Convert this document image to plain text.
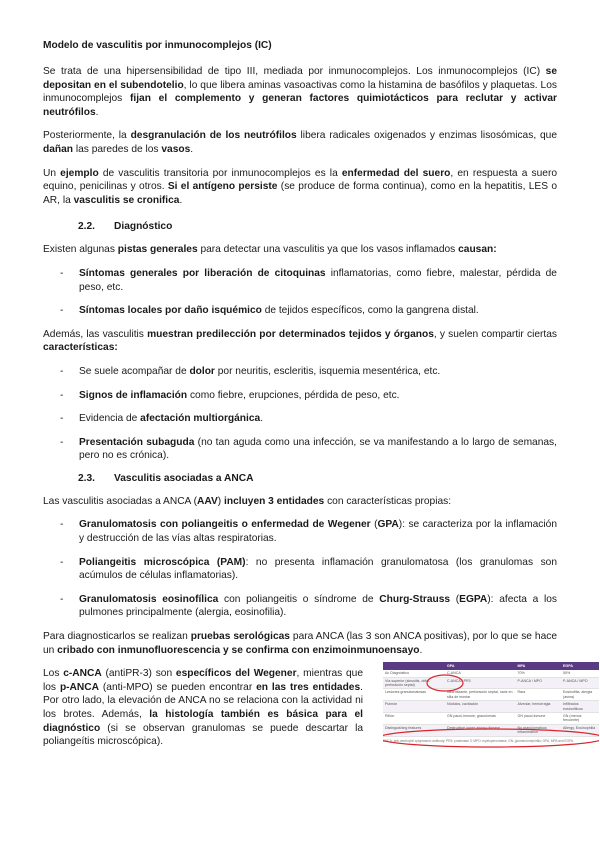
Modelo de vasculitis por inmunocomplejos (IC)

Se trata de una hipersensibilidad de tipo III, mediada por inmunocomplejos. Los inmunocomplejos (IC) se depositan en el subendotelio, lo que libera aminas vasoactivas como la histamina de basófilos y plaquetas. Los inmunocomplejos fijan el complemento y generan factores quimiotácticos para reclutar y activar neutrófilos.

Posteriormente, la desgranulación de los neutrófilos libera radicales oxigenados y enzimas lisosómicas, que dañan las paredes de los vasos.

Un ejemplo de vasculitis transitoria por inmunocomplejos es la enfermedad del suero, en respuesta a suero equino, penicilinas y otros. Si el antígeno persiste (se produce de forma continua), como en la hepatitis, LES o AR, la vasculitis se cronifica.

2.2. Diagnóstico

Existen algunas pistas generales para detectar una vasculitis ya que los vasos inflamados causan:

- Síntomas generales por liberación de citoquinas inflamatorias, como fiebre, malestar, pérdida de peso, etc.
- Síntomas locales por daño isquémico de tejidos específicos, como la gangrena distal.

Además, las vasculitis muestran predilección por determinados tejidos y órganos, y suelen compartir ciertas características:

- Se suele acompañar de dolor por neuritis, escleritis, isquemia mesentérica, etc.
- Signos de inflamación como fiebre, erupciones, pérdida de peso, etc.
- Evidencia de afectación multiorgánica.
- Presentación subaguda (no tan aguda como una infección, se va manifestando a lo largo de semanas, pero no es crónica).
2.3. Vasculitis asociadas a ANCA

Las vasculitis asociadas a ANCA (AAV) incluyen 3 entidades con características propias:

- Granulomatosis con poliangeitis o enfermedad de Wegener (GPA): se caracteriza por la inflamación y destrucción de las vías altas respiratorias.
- Poliangeitis microscópica (PAM): no presenta inflamación granulomatosa (los granulomas son acúmulos de células inflamatorias).
- Granulomatosis eosinofílica con poliangeitis o síndrome de Churg-Strauss (EGPA): afecta a los pulmones principalmente (alergia, eosinofilia).

Para diagnosticarlos se realizan pruebas serológicas para ANCA (las 3 son ANCA positivas), por lo que se hace un cribado con inmunofluorescencia y se confirma con enzimoinmunoensayo.

Los c-ANCA (antiPR-3) son específicos del Wegener, mientras que los p-ANCA (anti-MPO) se pueden encontrar en las tres entidades. Por otro lado, la elevación de ANCA no se relaciona con la actividad ni los brotes. Además, la histología también es básica para el diagnóstico (si se observan granulomas se puede descartar la poliangeítis microscópica).

	GPA	MPA	EGPA
Ac Diagnóstico	C-ANCA	70%	50%
Vía superior (sinusitis, otitis, perforación septal)	C-ANCA / PR3	P-ANCA / MPO	P-ANCA / MPO
Lesiones granulomatosas	Necrotizante, perforación septal, nariz en silla de montar	Rara	Eosinofilia, alergia (asma)
Pulmón	Nódulos, cavitación	Alveolar, hemorragia	Infiltrados eosinofílicos
Riñón	GN pauci-inmune, granulomas	GN pauci-inmune	GN (menos frecuente)
Distinguishing features	Destructive upper airway disease	No granulomatous inflammation	Allergy, Eosinophilia
ANCA: anti-neutrophil cytoplasmic antibody; PR3: proteinase 3; MPO: myeloperoxidase; GN: glomerulonephritis; GPA, MPA and EGPA.
